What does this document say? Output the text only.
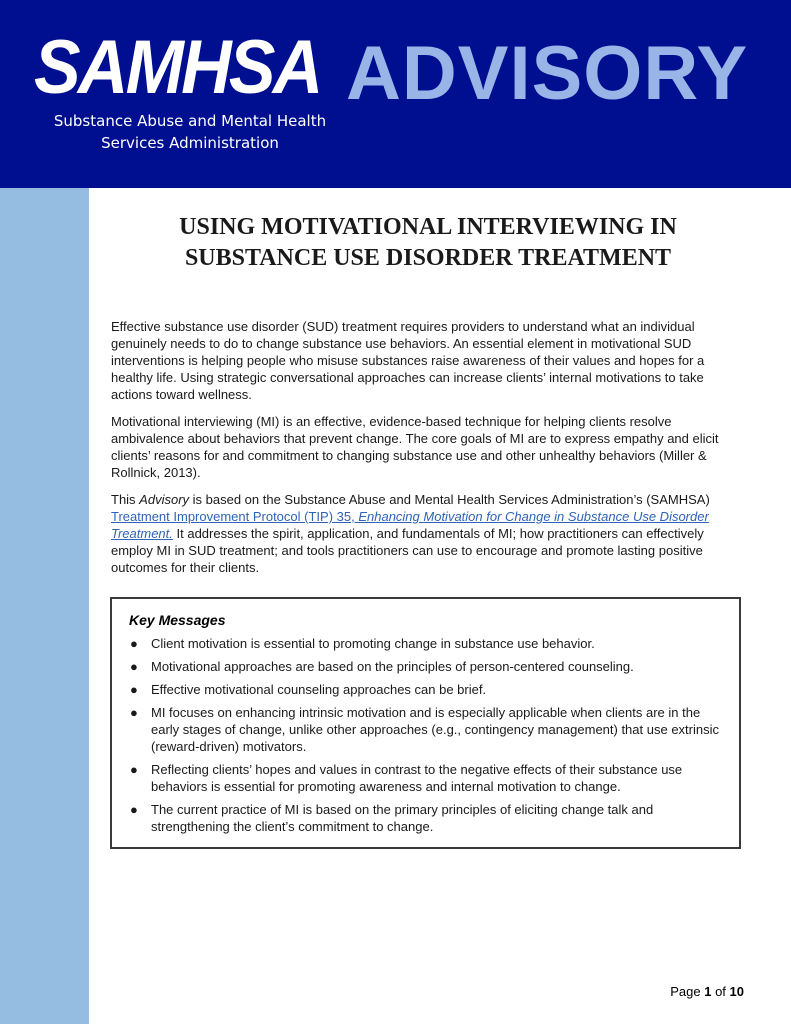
SAMHSA ADVISORY
Substance Abuse and Mental Health
Services Administration
USING MOTIVATIONAL INTERVIEWING IN
SUBSTANCE USE DISORDER TREATMENT

Effective substance use disorder (SUD) treatment requires providers to understand what an individual genuinely needs to do to change substance use behaviors. An essential element in motivational SUD interventions is helping people who misuse substances raise awareness of their values and hopes for a healthy life. Using strategic conversational approaches can increase clients’ internal motivations to take actions toward wellness.

Motivational interviewing (MI) is an effective, evidence-based technique for helping clients resolve ambivalence about behaviors that prevent change. The core goals of MI are to express empathy and elicit clients’ reasons for and commitment to changing substance use and other unhealthy behaviors (Miller & Rollnick, 2013).

This Advisory is based on the Substance Abuse and Mental Health Services Administration’s (SAMHSA) Treatment Improvement Protocol (TIP) 35, Enhancing Motivation for Change in Substance Use Disorder Treatment. It addresses the spirit, application, and fundamentals of MI; how practitioners can effectively employ MI in SUD treatment; and tools practitioners can use to encourage and promote lasting positive outcomes for their clients.

Key Messages
● Client motivation is essential to promoting change in substance use behavior.
● Motivational approaches are based on the principles of person-centered counseling.
● Effective motivational counseling approaches can be brief.
● MI focuses on enhancing intrinsic motivation and is especially applicable when clients are in the early stages of change, unlike other approaches (e.g., contingency management) that use extrinsic (reward-driven) motivators.
● Reflecting clients’ hopes and values in contrast to the negative effects of their substance use behaviors is essential for promoting awareness and internal motivation to change.
● The current practice of MI is based on the primary principles of eliciting change talk and strengthening the client’s commitment to change.
Page 1 of 10
